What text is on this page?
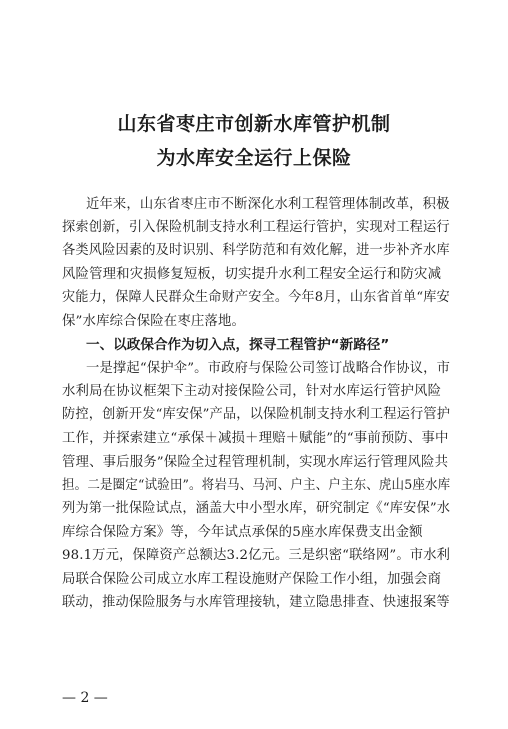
山东省枣庄市创新水库管护机制
为水库安全运行上保险
近年来，山东省枣庄市不断深化水利工程管理体制改革，积极
探索创新，引入保险机制支持水利工程运行管护，实现对工程运行
各类风险因素的及时识别、科学防范和有效化解，进一步补齐水库
风险管理和灾损修复短板，切实提升水利工程安全运行和防灾减
灾能力，保障人民群众生命财产安全。今年8月，山东省首单“库安
保”水库综合保险在枣庄落地。
一、以政保合作为切入点，探寻工程管护“新路径”
一是撑起“保护伞”。市政府与保险公司签订战略合作协议，市
水利局在协议框架下主动对接保险公司，针对水库运行管护风险
防控，创新开发“库安保”产品，以保险机制支持水利工程运行管护
工作，并探索建立“承保＋减损＋理赔＋赋能”的“事前预防、事中
管理、事后服务”保险全过程管理机制，实现水库运行管理风险共
担。二是圈定“试验田”。将岩马、马河、户主、户主东、虎山5座水库
列为第一批保险试点，涵盖大中小型水库，研究制定《“库安保”水
库综合保险方案》等，今年试点承保的5座水库保费支出金额
98.1万元，保障资产总额达3.2亿元。三是织密“联络网”。市水利
局联合保险公司成立水库工程设施财产保险工作小组，加强会商
联动，推动保险服务与水库管理接轨，建立隐患排查、快速报案等
— 2 —
